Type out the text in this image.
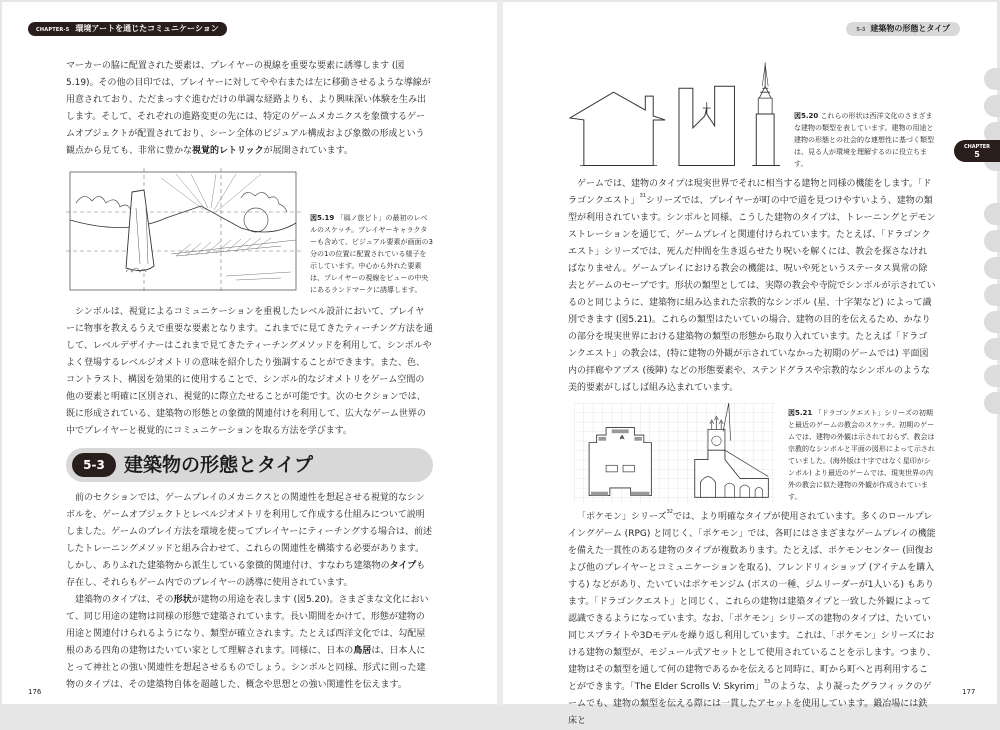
CHAPTER-5 環境アートを通じたコミュニケーション

マーカーの脇に配置された要素は、プレイヤーの視線を重要な要素に誘導します (図5.19)。その他の目印では、プレイヤーに対してやや右または左に移動させるような導線が用意されており、ただまっすぐ進むだけの単調な経路よりも、より興味深い体験を生み出します。そして、それぞれの進路変更の先には、特定のゲームメカニクスを象徴するゲームオブジェクトが配置されており、シーン全体のビジュアル構成および象徴の形成という観点から見ても、非常に豊かな視覚的レトリックが展開されています。

図5.19 「風ノ旅ビト」の最初のレベルのスケッチ。プレイヤーキャラクターも含めて、ビジュアル要素が画面の3分の1の位置に配置されている様子を示しています。中心から外れた要素は、プレイヤーの視線をビューの中央にあるランドマークに誘導します。

シンボルは、視覚によるコミュニケーションを重視したレベル設計において、プレイヤーに物事を教えるうえで重要な要素となります。これまでに見てきたティーチング方法を通して、レベルデザイナーはこれまで見てきたティーチングメソッドを利用して、シンボルやよく登場するレベルジオメトリの意味を紹介したり強調することができます。また、色、コントラスト、構図を効果的に使用することで、シンボル的なジオメトリをゲーム空間の他の要素と明確に区別され、視覚的に際立たせることが可能です。次のセクションでは、既に形成されている、建築物の形態との象徴的関連付けを利用して、広大なゲーム世界の中でプレイヤーと視覚的にコミュニケーションを取る方法を学びます。

5-3	建築物の形態とタイプ

前のセクションでは、ゲームプレイのメカニクスとの関連性を想起させる視覚的なシンボルを、ゲームオブジェクトとレベルジオメトリを利用して作成する仕組みについて説明しました。ゲームのプレイ方法を環境を使ってプレイヤーにティーチングする場合は、前述したトレーニングメソッドと組み合わせて、これらの関連性を構築する必要があります。しかし、ありふれた建築物から派生している象徴的関連付け、すなわち建築物のタイプも存在し、それらもゲーム内でのプレイヤーの誘導に使用されています。

建築物のタイプは、その形状が建物の用途を表します (図5.20)。さまざまな文化において、同じ用途の建物は同様の形態で建築されています。長い期間をかけて、形態が建物の用途と関連付けられるようになり、類型が確立されます。たとえば西洋文化では、勾配屋根のある四角の建物はたいてい家として理解されます。同様に、日本の鳥居は、日本人にとって神社との強い関連性を想起させるものでしょう。シンボルと同様、形式に則った建物のタイプは、その建築物自体を超越した、概念や思想との強い関連性を伝えます。

176
5-3 建築物の形態とタイプ
CHAPTER
5
図5.20 これらの形状は西洋文化のさまざまな建物の類型を表しています。建物の用途と建物の形態との社会的な連想性に基づく類型は、見る人が環境を理解するのに役立ちます。

ゲームでは、建物のタイプは現実世界でそれに相当する建物と同様の機能をします。「ドラゴンクエスト」$^{31}$シリーズでは、プレイヤーが町の中で道を見つけやすいよう、建物の類型が利用されています。シンボルと同様、こうした建物のタイプは、トレーニングとデモンストレーションを通じて、ゲームプレイと関連付けられています。たとえば、「ドラゴンクエスト」シリーズでは、死んだ仲間を生き返らせたり呪いを解くには、教会を探さなければなりません。ゲームプレイにおける教会の機能は、呪いや死というステータス異常の除去とゲームのセーブです。形状の類型としては、実際の教会や寺院でシンボルが示されているのと同じように、建築物に組み込まれた宗教的なシンボル (星、十字架など) によって識別できます (図5.21)。これらの類型はたいていの場合、建物の目的を伝えるため、かなりの部分を現実世界における建築物の類型の形態から取り入れています。たとえば「ドラゴンクエスト」の教会は、(特に建物の外観が示されていなかった初期のゲームでは) 平面図内の拝廊やアプス (後陣) などの形態要素や、ステンドグラスや宗教的なシンボルのような美的要素がしばしば組み込まれています。

図5.21 「ドラゴンクエスト」シリーズの初期と最近のゲームの教会のスケッチ。初期のゲームでは、建物の外観は示されておらず、教会は宗教的なシンボルと平面の図形によって示されていました。(海外版は十字ではなく星印がシンボル) より最近のゲームでは、現実世界の内外の教会に似た建物の外観が作成されています。

「ポケモン」シリーズ$^{32}$では、より明確なタイプが使用されています。多くのロールプレイングゲーム (RPG) と同じく、「ポケモン」では、各町にはさまざまなゲームプレイの機能を備えた一貫性のある建物のタイプが複数あります。たとえば、ポケモンセンター (回復および他のプレイヤーとコミュニケーションを取る)、フレンドリィショップ (アイテムを購入する) などがあり、たいていはポケモンジム (ボスの一種、ジムリーダーが1人いる) もあります。「ドラゴンクエスト」と同じく、これらの建物は建築タイプと一致した外観によって認識できるようになっています。なお、「ポケモン」シリーズの建物のタイプは、たいてい同じスプライトや3Dモデルを繰り返し利用しています。これは、「ポケモン」シリーズにおける建物の類型が、モジュール式アセットとして使用されていることを示します。つまり、建物はその類型を通して何の建物であるかを伝えると同時に、町から町へと再利用することができます。「The Elder Scrolls V: Skyrim」$^{33}$のような、より凝ったグラフィックのゲームでも、建物の類型を伝える際には一貫したアセットを使用しています。鍛冶場には鉄床と

177
